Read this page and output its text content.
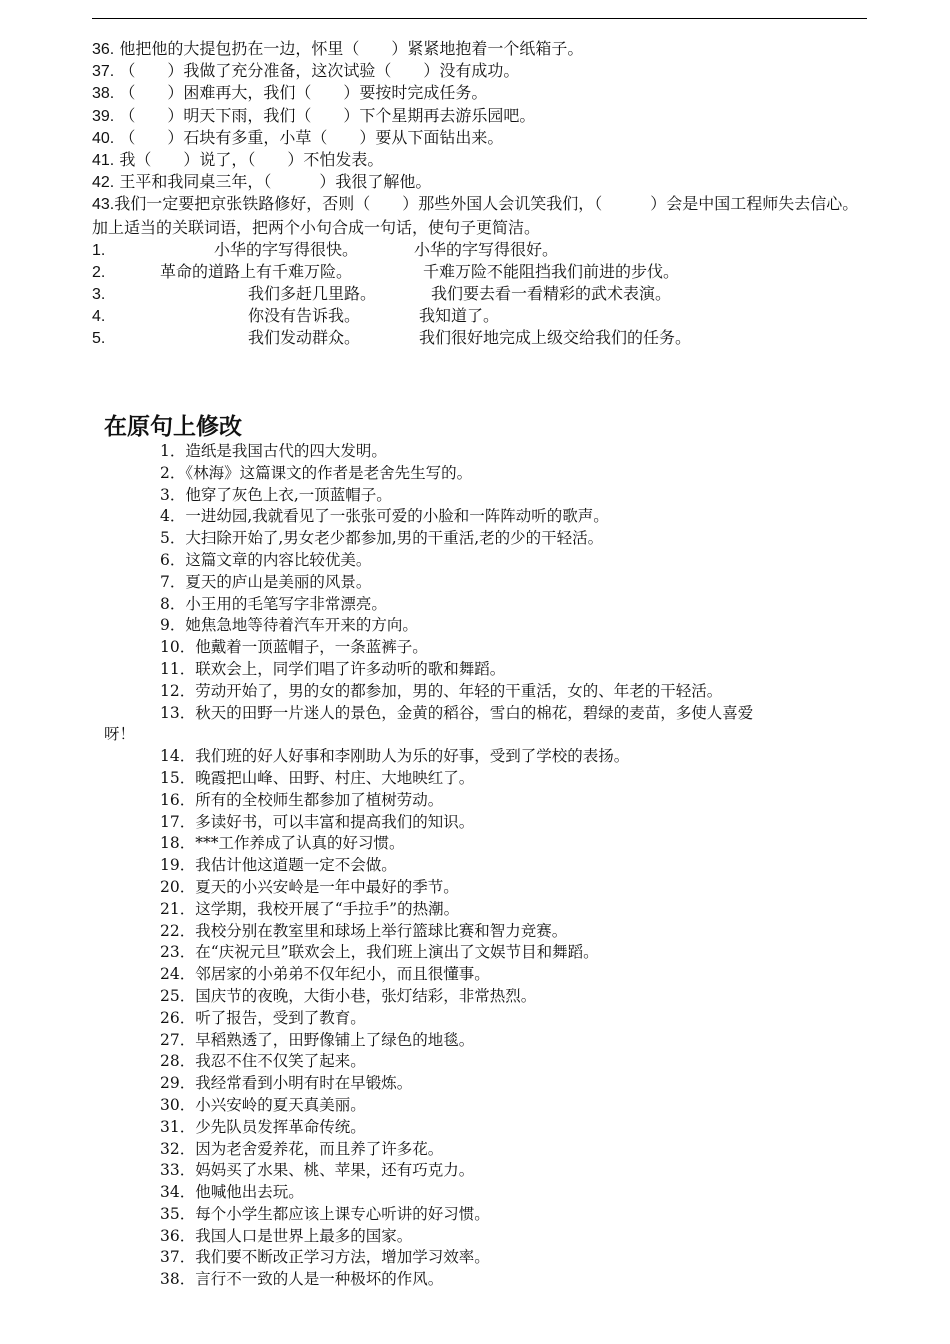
36. 他把他的大提包扔在一边，怀里（　　）紧紧地抱着一个纸箱子。
37. （　　）我做了充分准备，这次试验（　　）没有成功。
38. （　　）困难再大，我们（　　）要按时完成任务。
39. （　　）明天下雨，我们（　　）下个星期再去游乐园吧。
40. （　　）石块有多重，小草（　　）要从下面钻出来。
41. 我（　　）说了，（　　）不怕发表。
42. 王平和我同桌三年，（　　　）我很了解他。
43.我们一定要把京张铁路修好，否则（　　）那些外国人会讥笑我们，（　　　）会是中国工程师失去信心。
加上适当的关联词语，把两个小句合成一句话，使句子更简洁。
1.	小华的字写得很快。	小华的字写得很好。
2.	革命的道路上有千难万险。	千难万险不能阻挡我们前进的步伐。
3.	我们多赶几里路。	我们要去看一看精彩的武术表演。
4.	你没有告诉我。	我知道了。
5.	我们发动群众。	我们很好地完成上级交给我们的任务。
在原句上修改
1．造纸是我国古代的四大发明。
2．《林海》这篇课文的作者是老舍先生写的。
3．他穿了灰色上衣,一顶蓝帽子。
4．一进幼园,我就看见了一张张可爱的小脸和一阵阵动听的歌声。
5．大扫除开始了,男女老少都参加,男的干重活,老的少的干轻活。
6．这篇文章的内容比较优美。
7．夏天的庐山是美丽的风景。
8．小王用的毛笔写字非常漂亮。
9．她焦急地等待着汽车开来的方向。
10．他戴着一顶蓝帽子，一条蓝裤子。
11．联欢会上，同学们唱了许多动听的歌和舞蹈。
12．劳动开始了，男的女的都参加，男的、年轻的干重活，女的、年老的干轻活。
13．秋天的田野一片迷人的景色，金黄的稻谷，雪白的棉花，碧绿的麦苗，多使人喜爱
呀！
14．我们班的好人好事和李刚助人为乐的好事，受到了学校的表扬。
15．晚霞把山峰、田野、村庄、大地映红了。
16．所有的全校师生都参加了植树劳动。
17．多读好书，可以丰富和提高我们的知识。
18．***工作养成了认真的好习惯。
19．我估计他这道题一定不会做。
20．夏天的小兴安岭是一年中最好的季节。
21．这学期，我校开展了“手拉手”的热潮。
22．我校分别在教室里和球场上举行篮球比赛和智力竞赛。
23．在“庆祝元旦”联欢会上，我们班上演出了文娱节目和舞蹈。
24．邻居家的小弟弟不仅年纪小，而且很懂事。
25．国庆节的夜晚，大街小巷，张灯结彩，非常热烈。
26．听了报告，受到了教育。
27．早稻熟透了，田野像铺上了绿色的地毯。
28．我忍不住不仅笑了起来。
29．我经常看到小明有时在早锻炼。
30．小兴安岭的夏天真美丽。
31．少先队员发挥革命传统。
32．因为老舍爱养花，而且养了许多花。
33．妈妈买了水果、桃、苹果，还有巧克力。
34．他喊他出去玩。
35．每个小学生都应该上课专心听讲的好习惯。
36．我国人口是世界上最多的国家。
37．我们要不断改正学习方法，增加学习效率。
38．言行不一致的人是一种极坏的作风。
